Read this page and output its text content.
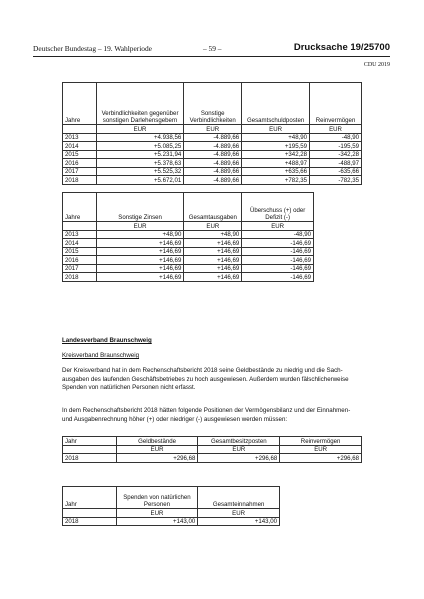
Deutscher Bundestag – 19. Wahlperiode	– 59 –	Drucksache 19/25700
CDU 2019
Jahre	Verbindlichkeiten gegenüber sonstigen Darlehensgebern	Sonstige Verbindlichkeiten	Gesamtschuldposten	Reinvermögen
	EUR	EUR	EUR	EUR
2013	+4.938,56	-4.889,66	+48,90	-48,90
2014	+5.085,25	-4.889,66	+195,59	-195,59
2015	+5.231,94	-4.889,66	+342,28	-342,28
2016	+5.378,63	-4.889,66	+488,97	-488,97
2017	+5.525,32	-4.889,66	+635,66	-635,66
2018	+5.672,01	-4.889,66	+782,35	-782,35
Jahre	Sonstige Zinsen	Gesamtausgaben	Überschuss (+) oder Defizit (-)
	EUR	EUR	EUR
2013	+48,90	+48,90	-48,90
2014	+146,69	+146,69	-146,69
2015	+146,69	+146,69	-146,69
2016	+146,69	+146,69	-146,69
2017	+146,69	+146,69	-146,69
2018	+146,69	+146,69	-146,69
Landesverband Braunschweig
Kreisverband Braunschweig
Der Kreisverband hat in dem Rechenschaftsbericht 2018 seine Geldbestände zu niedrig und die Sach-
ausgaben des laufenden Geschäftsbetriebes zu hoch ausgewiesen. Außerdem wurden fälschlicherweise
Spenden von natürlichen Personen nicht erfasst.
In dem Rechenschaftsbericht 2018 hätten folgende Positionen der Vermögensbilanz und der Einnahmen-
und Ausgabenrechnung höher (+) oder niedriger (-) ausgewiesen werden müssen:
Jahr	Geldbestände	Gesamtbesitzposten	Reinvermögen
	EUR	EUR	EUR
2018	+296,68	+296,68	+296,68
Jahr	Spenden von natürlichen Personen	Gesamteinnahmen
	EUR	EUR
2018	+143,00	+143,00
